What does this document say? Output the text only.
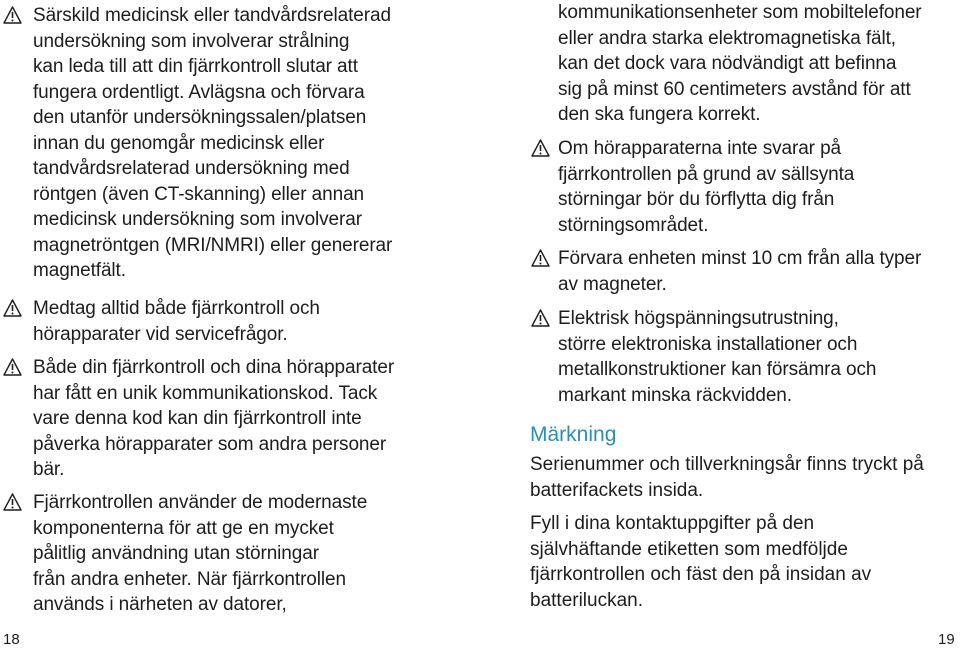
Särskild medicinsk eller tandvårdsrelaterad
undersökning som involverar strålning
kan leda till att din fjärrkontroll slutar att
fungera ordentligt. Avlägsna och förvara
den utanför undersökningssalen/platsen
innan du genomgår medicinsk eller
tandvårdsrelaterad undersökning med
röntgen (även CT-skanning) eller annan
medicinsk undersökning som involverar
magnetröntgen (MRI/NMRI) eller genererar
magnetfält.
Medtag alltid både fjärrkontroll och
hörapparater vid servicefrågor.
Både din fjärrkontroll och dina hörapparater
har fått en unik kommunikationskod. Tack
vare denna kod kan din fjärrkontroll inte
påverka hörapparater som andra personer
bär.
Fjärrkontrollen använder de modernaste
komponenterna för att ge en mycket
pålitlig användning utan störningar
från andra enheter. När fjärrkontrollen
används i närheten av datorer,
18
kommunikationsenheter som mobiltelefoner
eller andra starka elektromagnetiska fält,
kan det dock vara nödvändigt att beﬁnna
sig på minst 60 centimeters avstånd för att
den ska fungera korrekt.
Om hörapparaterna inte svarar på
fjärrkontrollen på grund av sällsynta
störningar bör du förflytta dig från
störningsområdet.
Förvara enheten minst 10 cm från alla typer
av magneter.
Elektrisk högspänningsutrustning,
större elektroniska installationer och
metallkonstruktioner kan försämra och
markant minska räckvidden.
Märkning
Serienummer och tillverkningsår ﬁnns tryckt på
batterifackets insida.
Fyll i dina kontaktuppgifter på den
självhäftande etiketten som medföljde
fjärrkontrollen och fäst den på insidan av
batteriluckan.
19
